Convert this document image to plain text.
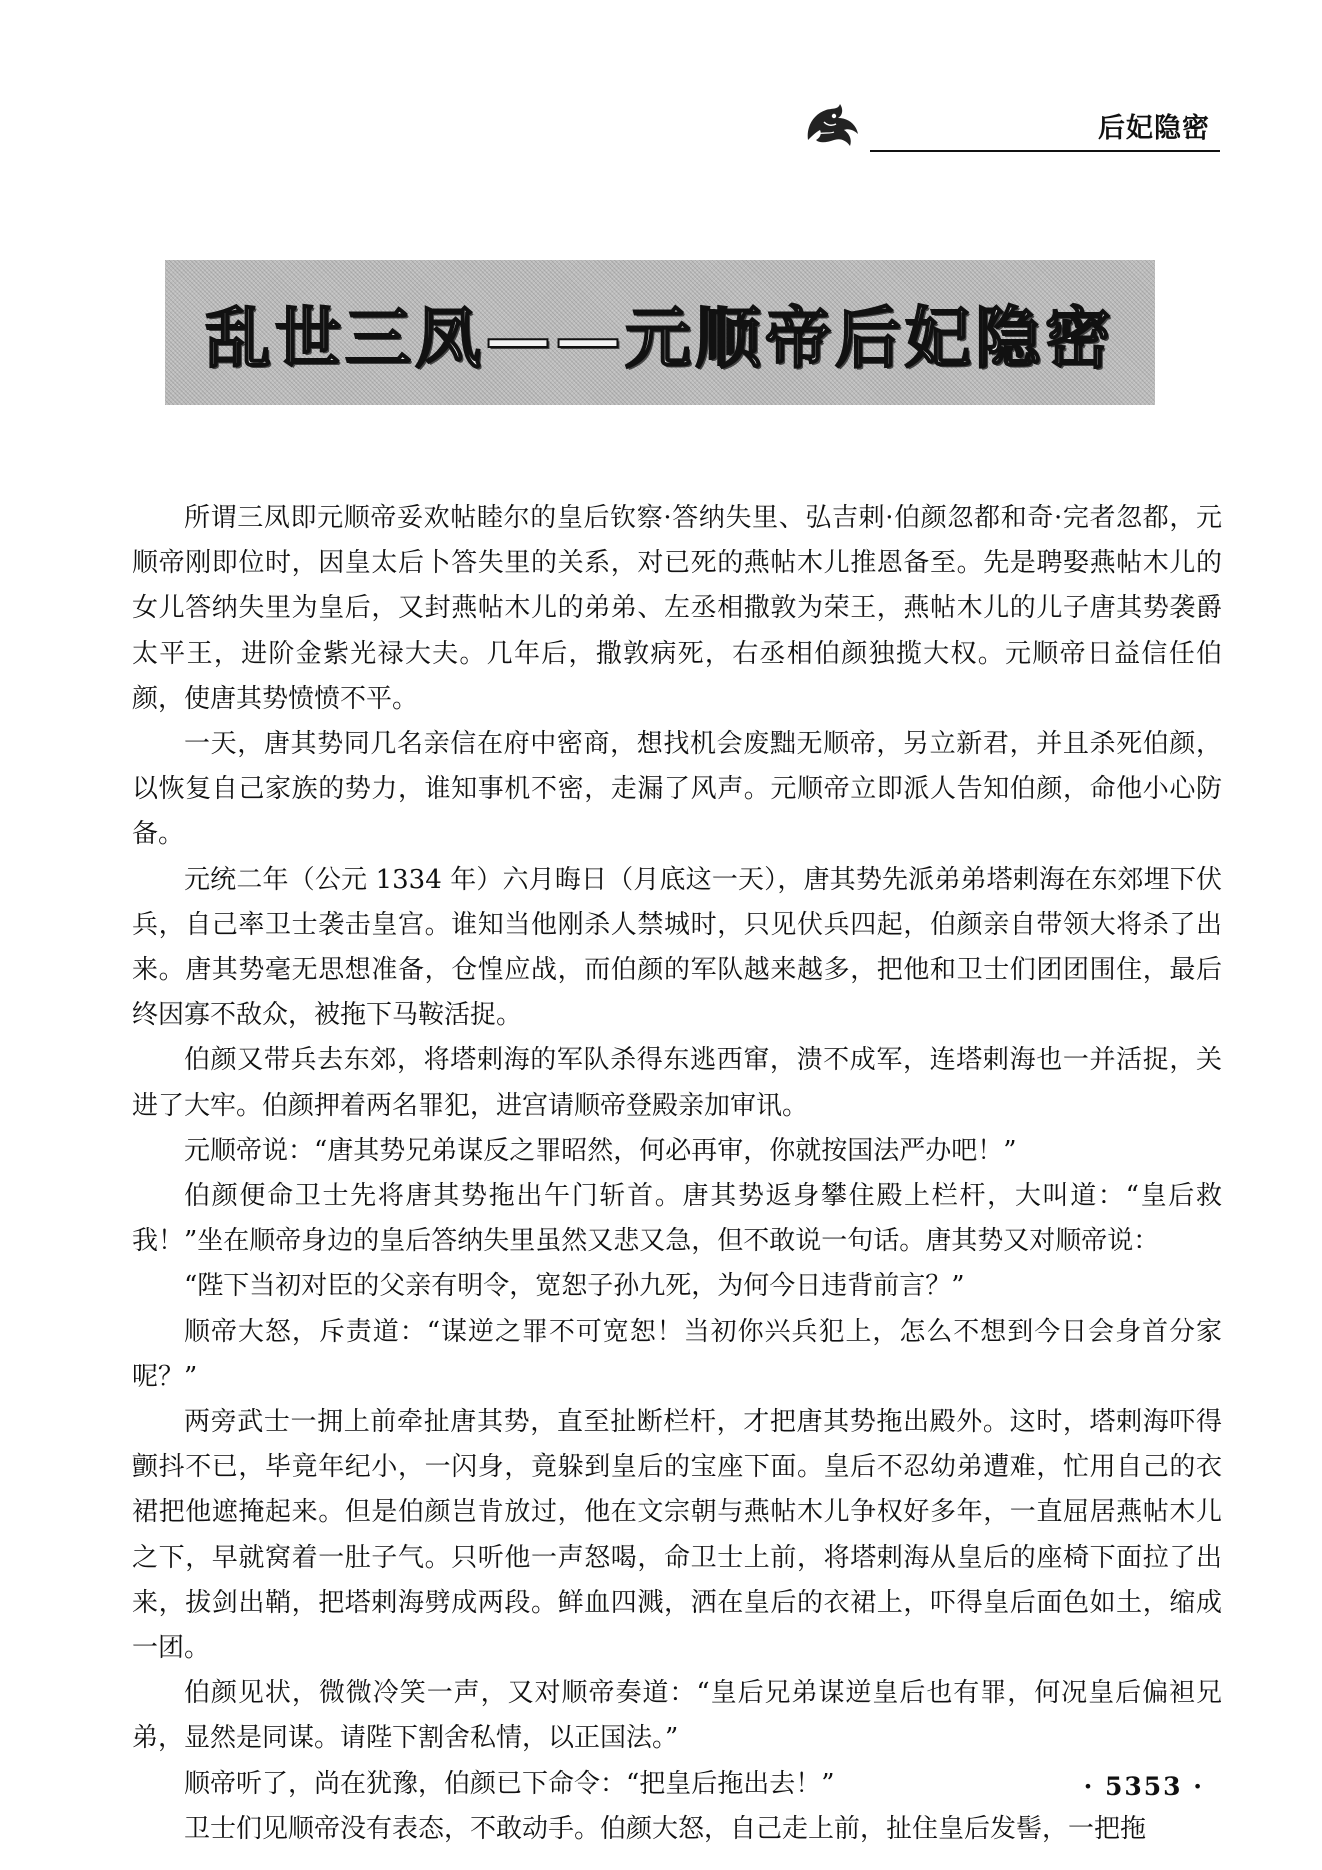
后妃隐密
乱世三凤——元顺帝后妃隐密

所谓三凤即元顺帝妥欢帖睦尔的皇后钦察·答纳失里、弘吉剌·伯颜忽都和奇·完者忽都，元顺帝刚即位时，因皇太后卜答失里的关系，对已死的燕帖木儿推恩备至。先是聘娶燕帖木儿的女儿答纳失里为皇后，又封燕帖木儿的弟弟、左丞相撒敦为荣王，燕帖木儿的儿子唐其势袭爵太平王，进阶金紫光禄大夫。几年后，撒敦病死，右丞相伯颜独揽大权。元顺帝日益信任伯颜，使唐其势愤愤不平。

一天，唐其势同几名亲信在府中密商，想找机会废黜无顺帝，另立新君，并且杀死伯颜，以恢复自己家族的势力，谁知事机不密，走漏了风声。元顺帝立即派人告知伯颜，命他小心防备。

元统二年（公元 1334 年）六月晦日（月底这一天），唐其势先派弟弟塔剌海在东郊埋下伏兵，自己率卫士袭击皇宫。谁知当他刚杀人禁城时，只见伏兵四起，伯颜亲自带领大将杀了出来。唐其势毫无思想准备，仓惶应战，而伯颜的军队越来越多，把他和卫士们团团围住，最后终因寡不敌众，被拖下马鞍活捉。

伯颜又带兵去东郊，将塔剌海的军队杀得东逃西窜，溃不成军，连塔剌海也一并活捉，关进了大牢。伯颜押着两名罪犯，进宫请顺帝登殿亲加审讯。

元顺帝说：“唐其势兄弟谋反之罪昭然，何必再审，你就按国法严办吧！”

伯颜便命卫士先将唐其势拖出午门斩首。唐其势返身攀住殿上栏杆，大叫道：“皇后救我！”坐在顺帝身边的皇后答纳失里虽然又悲又急，但不敢说一句话。唐其势又对顺帝说：

“陛下当初对臣的父亲有明令，宽恕子孙九死，为何今日违背前言？”

顺帝大怒，斥责道：“谋逆之罪不可宽恕！当初你兴兵犯上，怎么不想到今日会身首分家呢？”

两旁武士一拥上前牵扯唐其势，直至扯断栏杆，才把唐其势拖出殿外。这时，塔剌海吓得颤抖不已，毕竟年纪小，一闪身，竟躲到皇后的宝座下面。皇后不忍幼弟遭难，忙用自己的衣裙把他遮掩起来。但是伯颜岂肯放过，他在文宗朝与燕帖木儿争权好多年，一直屈居燕帖木儿之下，早就窝着一肚子气。只听他一声怒喝，命卫士上前，将塔剌海从皇后的座椅下面拉了出来，拔剑出鞘，把塔剌海劈成两段。鲜血四溅，洒在皇后的衣裙上，吓得皇后面色如土，缩成一团。

伯颜见状，微微冷笑一声，又对顺帝奏道：“皇后兄弟谋逆皇后也有罪，何况皇后偏袒兄弟，显然是同谋。请陛下割舍私情，以正国法。”

顺帝听了，尚在犹豫，伯颜已下命令：“把皇后拖出去！”

卫士们见顺帝没有表态，不敢动手。伯颜大怒，自己走上前，扯住皇后发髻，一把拖

· 5353 ·
